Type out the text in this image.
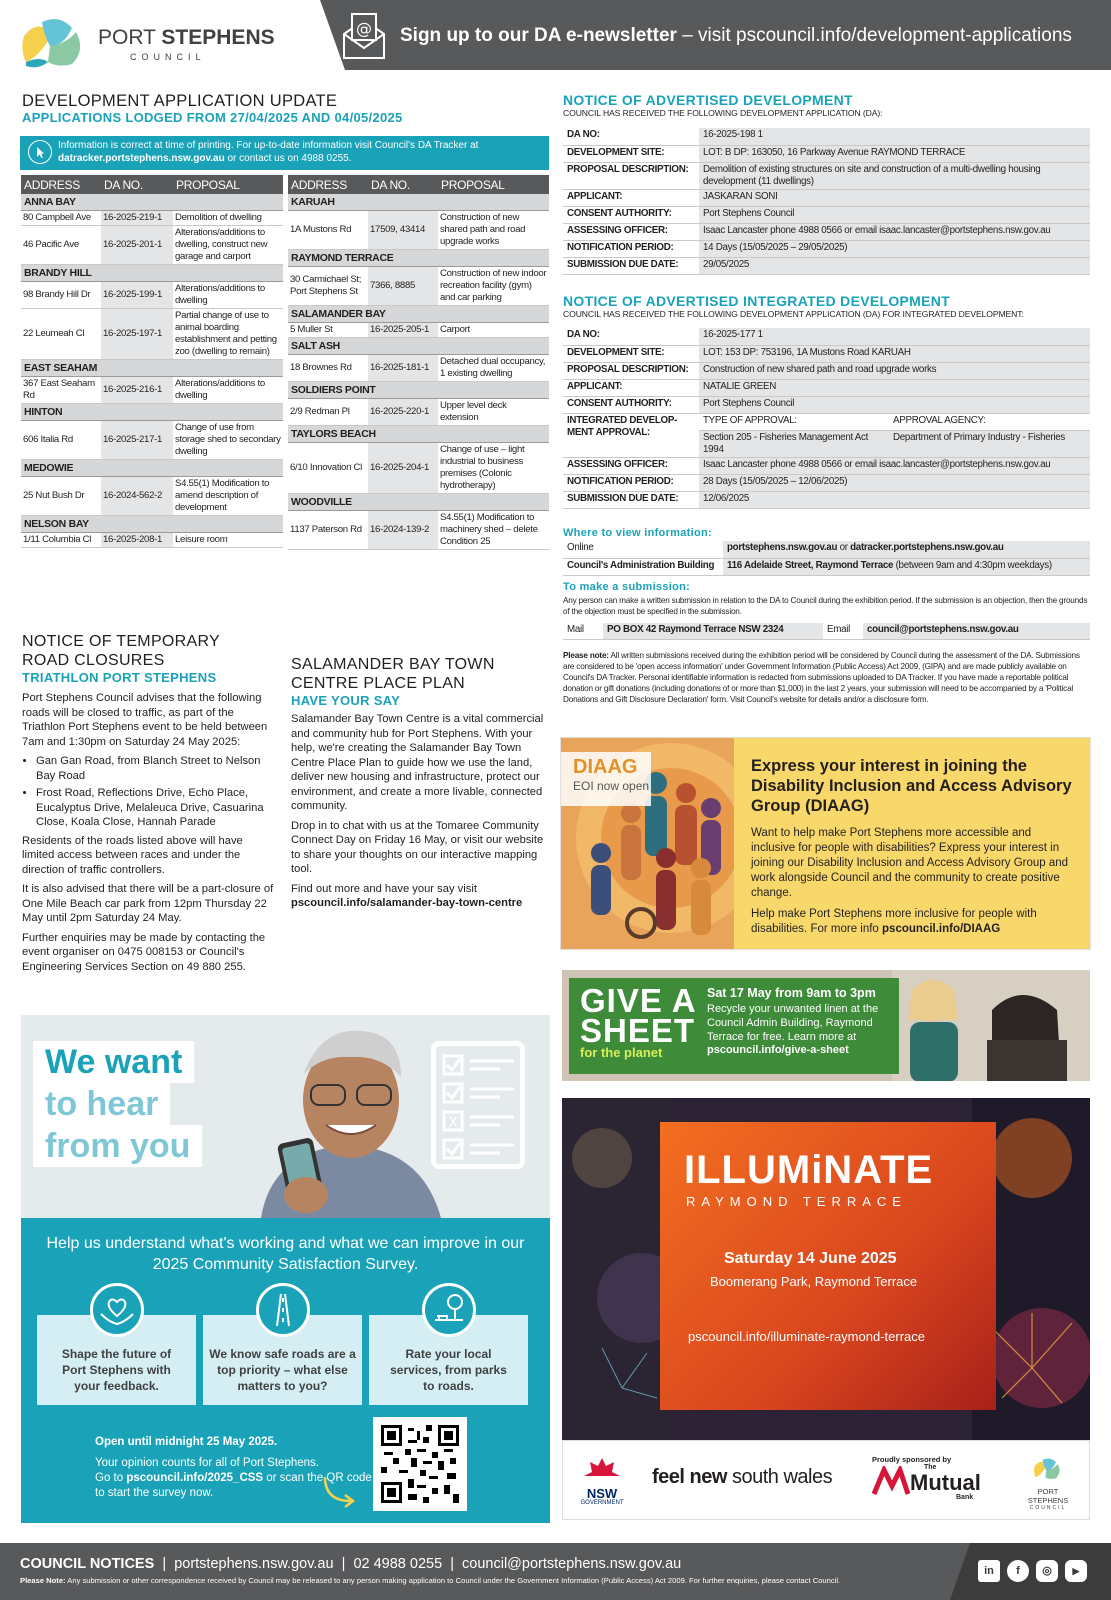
PORT STEPHENS
COUNCIL
@ Sign up to our DA e-newsletter – visit pscouncil.info/development-applications
DEVELOPMENT APPLICATION UPDATE
APPLICATIONS LODGED FROM 27/04/2025 AND 04/05/2025
Information is correct at time of printing. For up-to-date information visit Council's DA Tracker at
datracker.portstephens.nsw.gov.au or contact us on 4988 0255.
ADDRESS	DA NO.	PROPOSAL
ANNA BAY		
80 Campbell Ave	16-2025-219-1	Demolition of dwelling
46 Pacific Ave	16-2025-201-1	Alterations/additions to dwelling, construct new garage and carport
BRANDY HILL		
98 Brandy Hill Dr	16-2025-199-1	Alterations/additions to dwelling
22 Leumeah Cl	16-2025-197-1	Partial change of use to animal boarding establishment and petting zoo (dwelling to remain)
EAST SEAHAM		
367 East Seaham Rd	16-2025-216-1	Alterations/additions to dwelling
HINTON		
606 Italia Rd	16-2025-217-1	Change of use from storage shed to secondary dwelling
MEDOWIE		
25 Nut Bush Dr	16-2024-562-2	S4.55(1) Modification to amend description of development
NELSON BAY		
1/11 Columbia Cl	16-2025-208-1	Leisure room
ADDRESS	DA NO.	PROPOSAL
KARUAH		
1A Mustons Rd	17509, 43414	Construction of new shared path and road upgrade works
RAYMOND TERRACE		
30 Carmichael St; Port Stephens St	7366, 8885	Construction of new indoor recreation facility (gym) and car parking
SALAMANDER BAY		
5 Muller St	16-2025-205-1	Carport
SALT ASH		
18 Brownes Rd	16-2025-181-1	Detached dual occupancy, 1 existing dwelling
SOLDIERS POINT		
2/9 Redman Pl	16-2025-220-1	Upper level deck extension
TAYLORS BEACH		
6/10 Innovation Cl	16-2025-204-1	Change of use – light industrial to business premises (Colonic hydrotherapy)
WOODVILLE		
1137 Paterson Rd	16-2024-139-2	S4.55(1) Modification to machinery shed – delete Condition 25
NOTICE OF TEMPORARY
ROAD CLOSURES
TRIATHLON PORT STEPHENS

Port Stephens Council advises that the following roads will be closed to traffic, as part of the Triathlon Port Stephens event to be held between 7am and 1:30pm on Saturday 24 May 2025:

• Gan Gan Road, from Blanch Street to Nelson Bay Road
• Frost Road, Reflections Drive, Echo Place, Eucalyptus Drive, Melaleuca Drive, Casuarina Close, Koala Close, Hannah Parade

Residents of the roads listed above will have limited access between races and under the direction of traffic controllers.

It is also advised that there will be a part-closure of One Mile Beach car park from 12pm Thursday 22 May until 2pm Saturday 24 May.

Further enquiries may be made by contacting the event organiser on 0475 008153 or Council's Engineering Services Section on 49 880 255.

SALAMANDER BAY TOWN
CENTRE PLACE PLAN
HAVE YOUR SAY

Salamander Bay Town Centre is a vital commercial and community hub for Port Stephens. With your help, we're creating the Salamander Bay Town Centre Place Plan to guide how we use the land, deliver new housing and infrastructure, protect our environment, and create a more livable, connected community.

Drop in to chat with us at the Tomaree Community Connect Day on Friday 16 May, or visit our website to share your thoughts on our interactive mapping tool.

Find out more and have your say visit
pscouncil.info/salamander-bay-town-centre

NOTICE OF ADVERTISED DEVELOPMENT
COUNCIL HAS RECEIVED THE FOLLOWING DEVELOPMENT APPLICATION (DA):
DA NO:	16-2025-198 1
DEVELOPMENT SITE:	LOT: B DP: 163050, 16 Parkway Avenue RAYMOND TERRACE
PROPOSAL DESCRIPTION:	Demolition of existing structures on site and construction of a multi-dwelling housing development (11 dwellings)
APPLICANT:	JASKARAN SONI
CONSENT AUTHORITY:	Port Stephens Council
ASSESSING OFFICER:	Isaac Lancaster phone 4988 0566 or email isaac.lancaster@portstephens.nsw.gov.au
NOTIFICATION PERIOD:	14 Days (15/05/2025 – 29/05/2025)
SUBMISSION DUE DATE:	29/05/2025
NOTICE OF ADVERTISED INTEGRATED DEVELOPMENT
COUNCIL HAS RECEIVED THE FOLLOWING DEVELOPMENT APPLICATION (DA) FOR INTEGRATED DEVELOPMENT:
DA NO:	16-2025-177 1	
DEVELOPMENT SITE:	LOT: 153 DP: 753196, 1A Mustons Road KARUAH	
PROPOSAL DESCRIPTION:	Construction of new shared path and road upgrade works	
APPLICANT:	NATALIE GREEN	
CONSENT AUTHORITY:	Port Stephens Council	
INTEGRATED DEVELOP-MENT APPROVAL:	TYPE OF APPROVAL:	APPROVAL AGENCY:
	Section 205 - Fisheries Management Act 1994	Department of Primary Industry - Fisheries
ASSESSING OFFICER:	Isaac Lancaster phone 4988 0566 or email isaac.lancaster@portstephens.nsw.gov.au	
NOTIFICATION PERIOD:	28 Days (15/05/2025 – 12/06/2025)	
SUBMISSION DUE DATE:	12/06/2025	
Where to view information:
Online	portstephens.nsw.gov.au or datracker.portstephens.nsw.gov.au
Council's Administration Building	116 Adelaide Street, Raymond Terrace (between 9am and 4:30pm weekdays)
To make a submission:
Any person can make a written submission in relation to the DA to Council during the exhibition period. If the submission is an objection, then the grounds of the objection must be specified in the submission.
Mail	PO BOX 42 Raymond Terrace NSW 2324	Email	council@portstephens.nsw.gov.au
Please note: All written submissions received during the exhibition period will be considered by Council during the assessment of the DA. Submissions are considered to be 'open access information' under Government Information (Public Access) Act 2009, (GIPA) and are made publicly available on Council's DA Tracker. Personal identifiable information is redacted from submissions uploaded to DA Tracker. If you have made a reportable political donation or gift donations (including donations of or more than $1,000) in the last 2 years, your submission will need to be accompanied by a 'Political Donations and Gift Disclosure Declaration' form. Visit Council's website for details and/or a disclosure form.
DIAAG
EOI now open
Express your interest in joining the Disability Inclusion and Access Advisory Group (DIAAG)

Want to help make Port Stephens more accessible and inclusive for people with disabilities? Express your interest in joining our Disability Inclusion and Access Advisory Group and work alongside Council and the community to create positive change.

Help make Port Stephens more inclusive for people with disabilities. For more info pscouncil.info/DIAAG

GIVE A
SHEET
for the planet
Sat 17 May from 9am to 3pm
Recycle your unwanted linen at the Council Admin Building, Raymond Terrace for free. Learn more at
pscouncil.info/give-a-sheet
ILLUMiNATE
RAYMOND TERRACE
Saturday 14 June 2025
Boomerang Park, Raymond Terrace
pscouncil.info/illuminate-raymond-terrace
NSW
GOVERNMENT
feel new south wales
Proudly sponsored by
The
Mutual
Bank
PORT STEPHENS
COUNCIL
X
We want
to hear
from you
Help us understand what's working and what we can improve in our 2025 Community Satisfaction Survey.
Shape the future of Port Stephens with your feedback.
We know safe roads are a top priority – what else matters to you?
Rate your local services, from parks to roads.
Open until midnight 25 May 2025.
Your opinion counts for all of Port Stephens.
Go to pscouncil.info/2025_CSS or scan the QR code to start the survey now.
COUNCIL NOTICES | portstephens.nsw.gov.au | 02 4988 0255 | council@portstephens.nsw.gov.au
Please Note: Any submission or other correspondence received by Council may be released to any person making application to Council under the Government Information (Public Access) Act 2009. For further enquiries, please contact Council.
in	f	◎	▶
